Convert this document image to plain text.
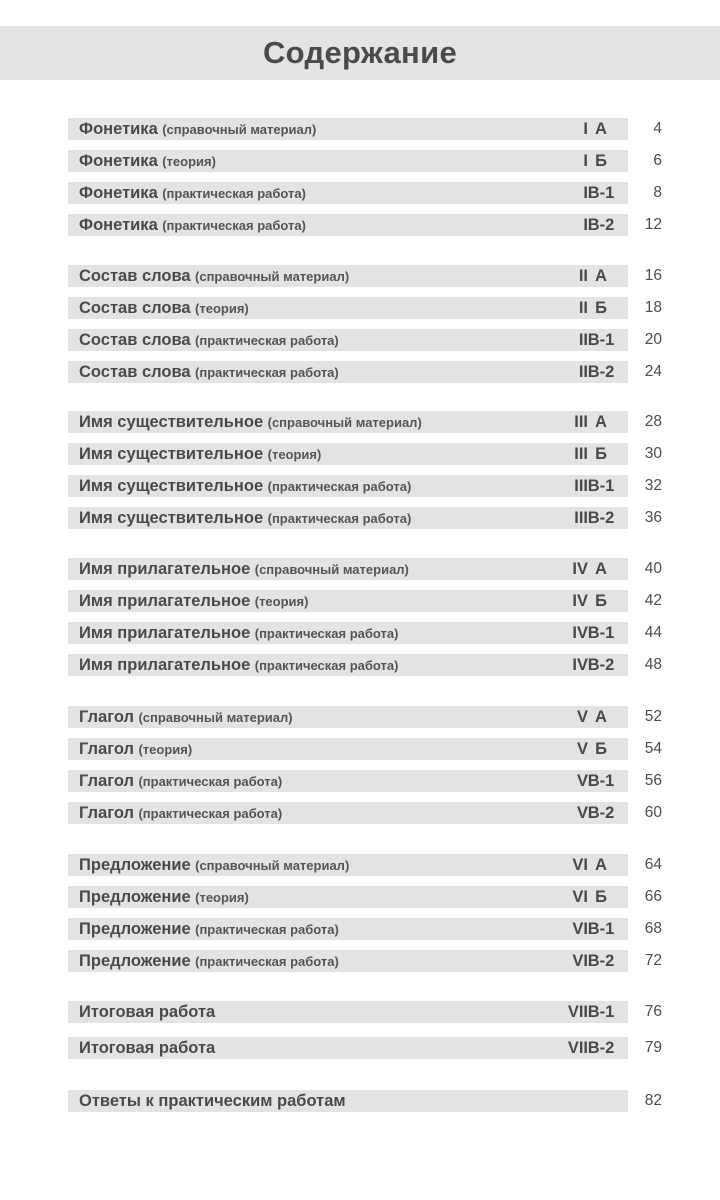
Содержание
Фонетика (справочный материал)	I А	4
Фонетика (теория)	I Б	6
Фонетика (практическая работа)	I В-1	8
Фонетика (практическая работа)	I В-2	12
Состав слова (справочный материал)	II А	16
Состав слова (теория)	II Б	18
Состав слова (практическая работа)	II В-1	20
Состав слова (практическая работа)	II В-2	24
Имя существительное (справочный материал)	III А	28
Имя существительное (теория)	III Б	30
Имя существительное (практическая работа)	III В-1	32
Имя существительное (практическая работа)	III В-2	36
Имя прилагательное (справочный материал)	IV А	40
Имя прилагательное (теория)	IV Б	42
Имя прилагательное (практическая работа)	IV В-1	44
Имя прилагательное (практическая работа)	IV В-2	48
Глагол (справочный материал)	V А	52
Глагол (теория)	V Б	54
Глагол (практическая работа)	V В-1	56
Глагол (практическая работа)	V В-2	60
Предложение (справочный материал)	VI А	64
Предложение (теория)	VI Б	66
Предложение (практическая работа)	VI В-1	68
Предложение (практическая работа)	VI В-2	72
Итоговая работа	VII В-1	76
Итоговая работа	VII В-2	79
Ответы к практическим работам	82
